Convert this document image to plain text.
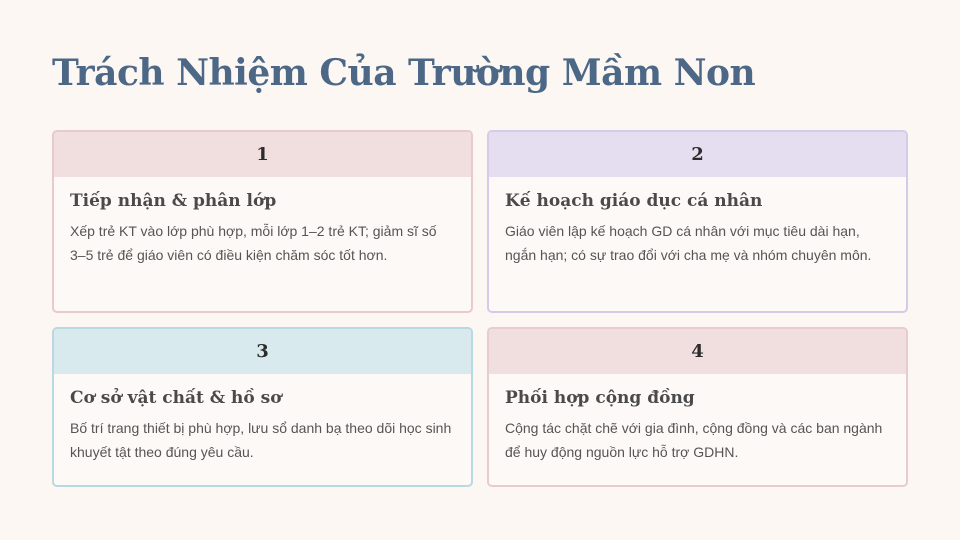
Trách Nhiệm Của Trường Mầm Non
1
Tiếp nhận & phân lớp

Xếp trẻ KT vào lớp phù hợp, mỗi lớp 1–2 trẻ KT; giảm sĩ số 3–5 trẻ để giáo viên có điều kiện chăm sóc tốt hơn.

2
Kế hoạch giáo dục cá nhân

Giáo viên lập kế hoạch GD cá nhân với mục tiêu dài hạn, ngắn hạn; có sự trao đổi với cha mẹ và nhóm chuyên môn.

3
Cơ sở vật chất & hồ sơ

Bố trí trang thiết bị phù hợp, lưu sổ danh bạ theo dõi học sinh khuyết tật theo đúng yêu cầu.

4
Phối hợp cộng đồng

Cộng tác chặt chẽ với gia đình, cộng đồng và các ban ngành để huy động nguồn lực hỗ trợ GDHN.
